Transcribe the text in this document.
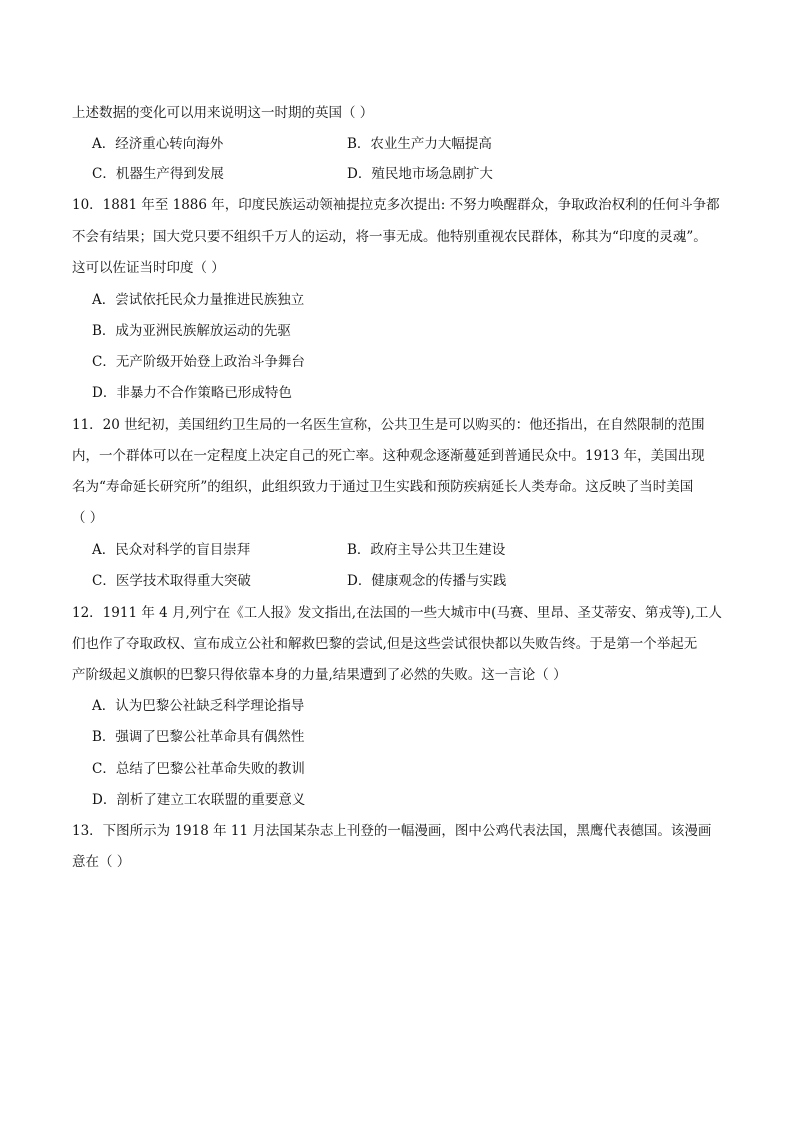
上述数据的变化可以用来说明这一时期的英国（ ）
A．经济重心转向海外	B．农业生产力大幅提高
C．机器生产得到发展	D．殖民地市场急剧扩大
10．1881 年至 1886 年，印度民族运动领袖提拉克多次提出: 不努力唤醒群众，争取政治权利的任何斗争都
不会有结果；国大党只要不组织千万人的运动，将一事无成。他特别重视农民群体，称其为“印度的灵魂”。
这可以佐证当时印度（ ）
A．尝试依托民众力量推进民族独立
B．成为亚洲民族解放运动的先驱
C．无产阶级开始登上政治斗争舞台
D．非暴力不合作策略已形成特色
11．20 世纪初，美国纽约卫生局的一名医生宣称，公共卫生是可以购买的：他还指出，在自然限制的范围
内，一个群体可以在一定程度上决定自己的死亡率。这种观念逐渐蔓延到普通民众中。1913 年，美国出现
名为“寿命延长研究所”的组织，此组织致力于通过卫生实践和预防疾病延长人类寿命。这反映了当时美国
（ ）
A．民众对科学的盲目崇拜	B．政府主导公共卫生建设
C．医学技术取得重大突破	D．健康观念的传播与实践
12．1911 年 4 月,列宁在《工人报》发文指出,在法国的一些大城市中(马赛、里昂、圣艾蒂安、第戎等),工人
们也作了夺取政权、宣布成立公社和解救巴黎的尝试,但是这些尝试很快都以失败告终。于是第一个举起无
产阶级起义旗帜的巴黎只得依靠本身的力量,结果遭到了必然的失败。这一言论（ ）
A．认为巴黎公社缺乏科学理论指导
B．强调了巴黎公社革命具有偶然性
C．总结了巴黎公社革命失败的教训
D．剖析了建立工农联盟的重要意义
13．下图所示为 1918 年 11 月法国某杂志上刊登的一幅漫画，图中公鸡代表法国，黑鹰代表德国。该漫画
意在（ ）
